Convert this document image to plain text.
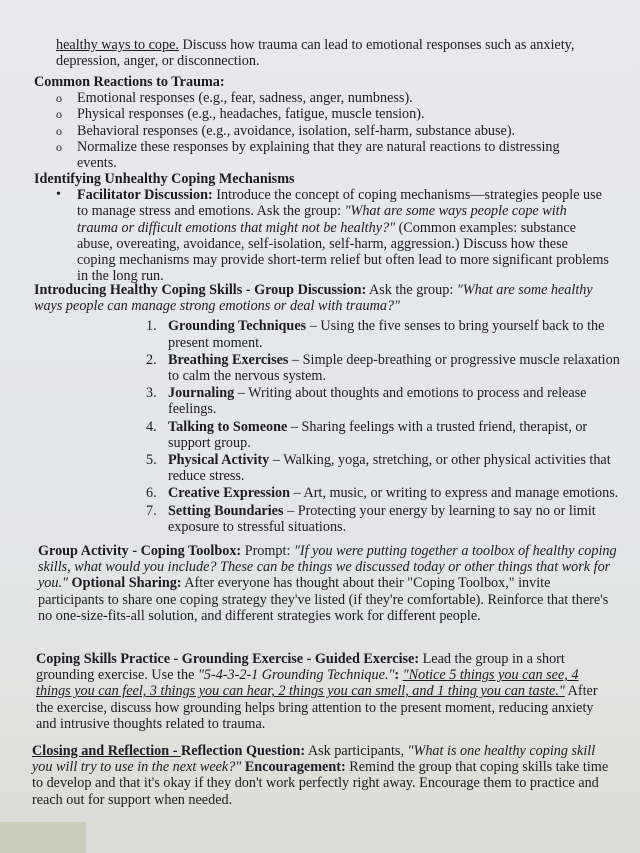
healthy ways to cope. Discuss how trauma can lead to emotional responses such as anxiety,
depression, anger, or disconnection.

Common Reactions to Trauma:
o Emotional responses (e.g., fear, sadness, anger, numbness).
o Physical responses (e.g., headaches, fatigue, muscle tension).
o Behavioral responses (e.g., avoidance, isolation, self-harm, substance abuse).
o Normalize these responses by explaining that they are natural reactions to distressing events.
Identifying Unhealthy Coping Mechanisms
• Facilitator Discussion: Introduce the concept of coping mechanisms—strategies people use to manage stress and emotions. Ask the group: "What are some ways people cope with trauma or difficult emotions that might not be healthy?" (Common examples: substance abuse, overeating, avoidance, self-isolation, self-harm, aggression.) Discuss how these coping mechanisms may provide short-term relief but often lead to more significant problems in the long run.

Introducing Healthy Coping Skills - Group Discussion: Ask the group: "What are some healthy ways people can manage strong emotions or deal with trauma?"

1. Grounding Techniques – Using the five senses to bring yourself back to the present moment.
2. Breathing Exercises – Simple deep-breathing or progressive muscle relaxation to calm the nervous system.
3. Journaling – Writing about thoughts and emotions to process and release feelings.
4. Talking to Someone – Sharing feelings with a trusted friend, therapist, or support group.
5. Physical Activity – Walking, yoga, stretching, or other physical activities that reduce stress.
6. Creative Expression – Art, music, or writing to express and manage emotions.
7. Setting Boundaries – Protecting your energy by learning to say no or limit exposure to stressful situations.

Group Activity - Coping Toolbox: Prompt: "If you were putting together a toolbox of healthy coping skills, what would you include? These can be things we discussed today or other things that work for you." Optional Sharing: After everyone has thought about their "Coping Toolbox," invite participants to share one coping strategy they've listed (if they're comfortable). Reinforce that there's no one-size-fits-all solution, and different strategies work for different people.

Coping Skills Practice - Grounding Exercise - Guided Exercise: Lead the group in a short grounding exercise. Use the "5-4-3-2-1 Grounding Technique.": "Notice 5 things you can see, 4 things you can feel, 3 things you can hear, 2 things you can smell, and 1 thing you can taste." After the exercise, discuss how grounding helps bring attention to the present moment, reducing anxiety and intrusive thoughts related to trauma.

Closing and Reflection - Reflection Question: Ask participants, "What is one healthy coping skill you will try to use in the next week?" Encouragement: Remind the group that coping skills take time to develop and that it's okay if they don't work perfectly right away. Encourage them to practice and reach out for support when needed.
